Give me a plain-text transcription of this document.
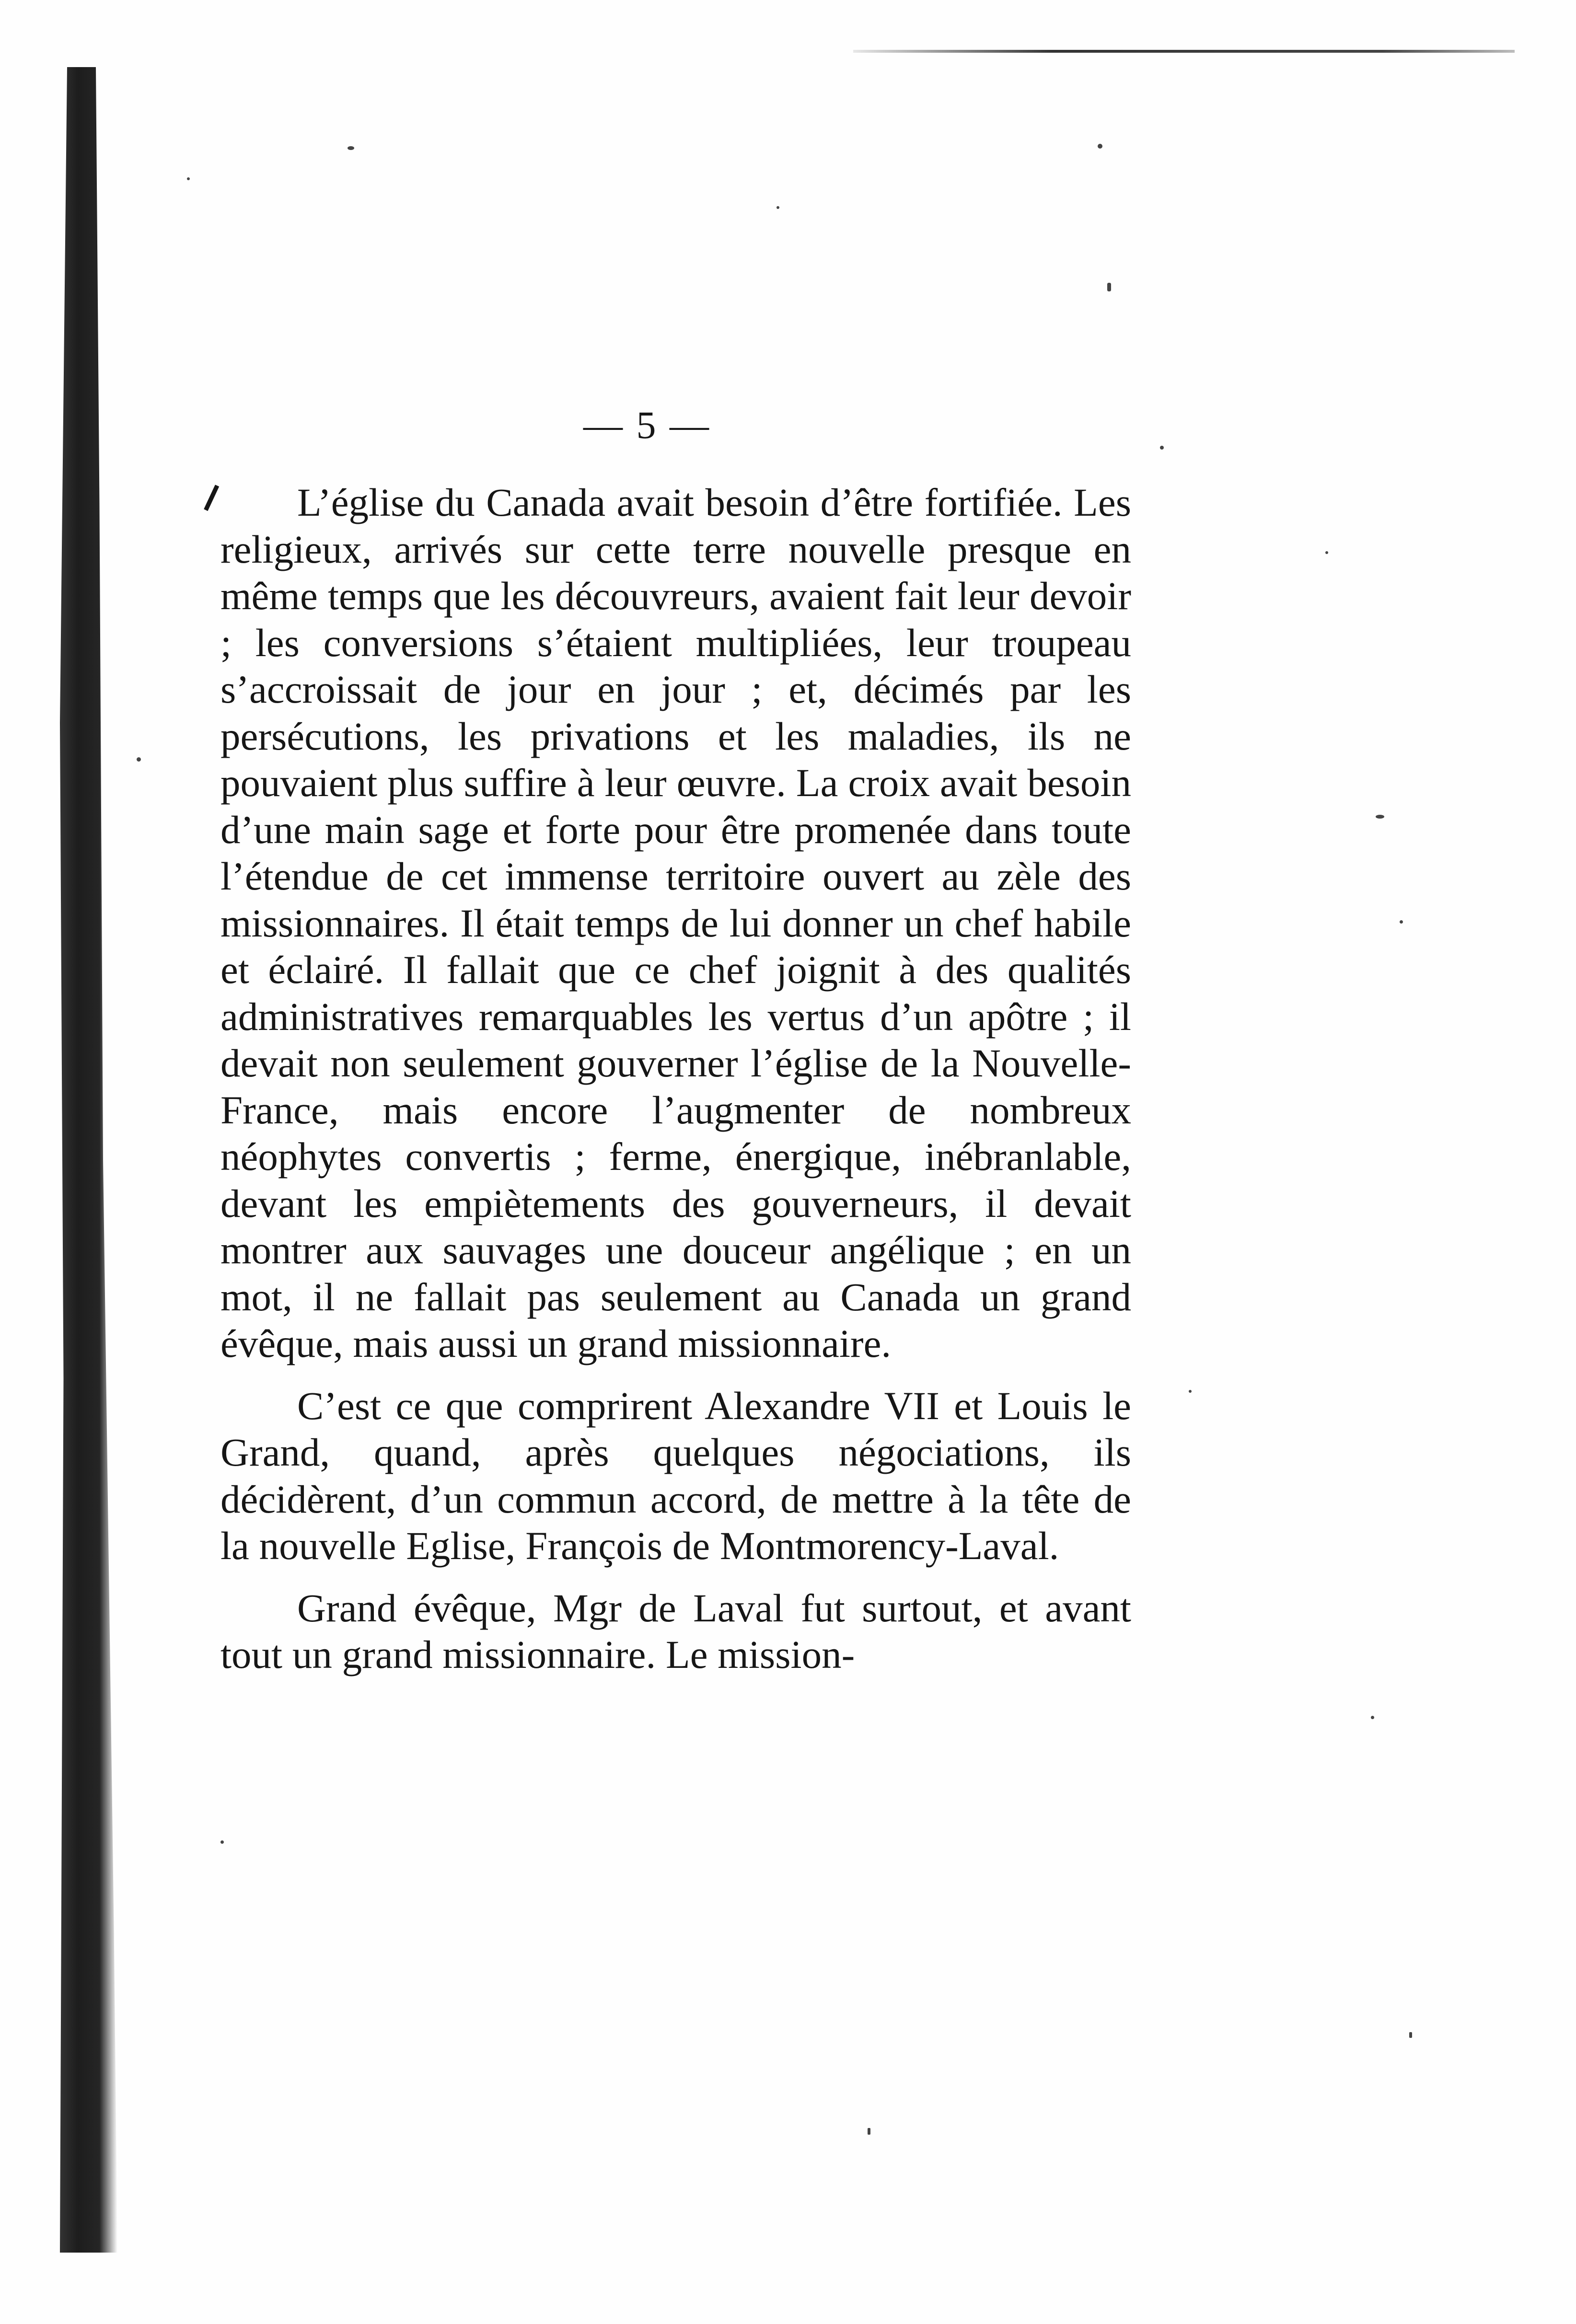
⸝
— 5 —

L’église du Canada avait besoin d’être fortifiée. Les religieux, arrivés sur cette terre nouvelle presque en même temps que les découvreurs, avaient fait leur devoir ; les conversions s’étaient multipliées, leur troupeau s’accroissait de jour en jour ; et, décimés par les persécutions, les privations et les maladies, ils ne pouvaient plus suffire à leur œuvre. La croix avait besoin d’une main sage et forte pour être promenée dans toute l’étendue de cet immense territoire ouvert au zèle des missionnaires. Il était temps de lui donner un chef habile et éclairé. Il fallait que ce chef joignit à des qualités administratives remarquables les vertus d’un apôtre ; il devait non seulement gouverner l’église de la Nouvelle-France, mais encore l’augmenter de nombreux néophytes convertis ; ferme, énergique, inébranlable, devant les empiètements des gouverneurs, il devait montrer aux sauvages une douceur angélique ; en un mot, il ne fallait pas seulement au Canada un grand évêque, mais aussi un grand missionnaire.

C’est ce que comprirent Alexandre VII et Louis le Grand, quand, après quelques négociations, ils décidèrent, d’un commun accord, de mettre à la tête de la nouvelle Eglise, François de Montmorency-Laval.

Grand évêque, Mgr de Laval fut surtout, et avant tout un grand missionnaire. Le mission-
